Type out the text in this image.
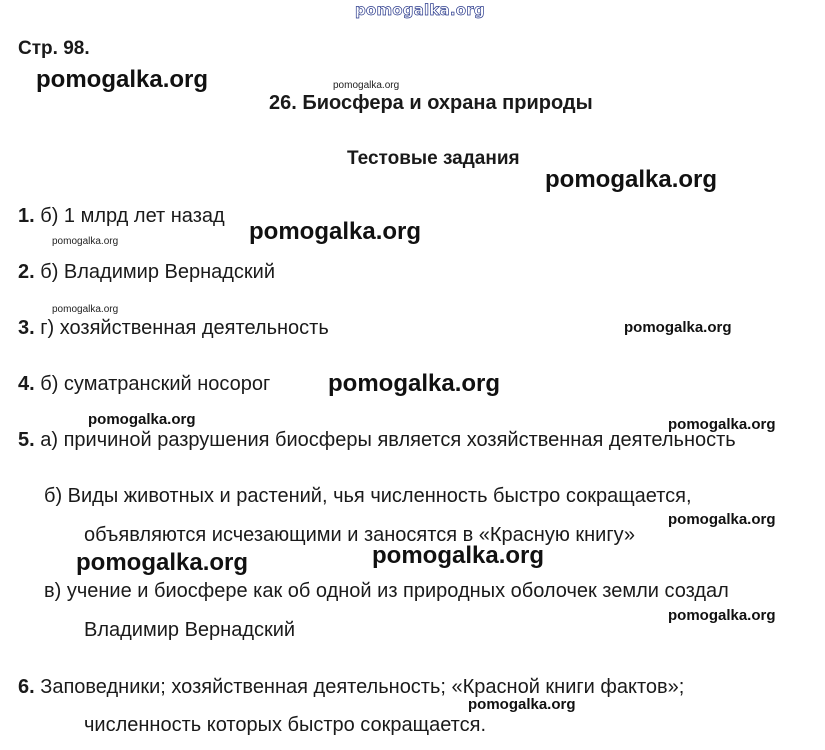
pomogalka.org
Стр. 98.
26. Биосфера и охрана природы
Тестовые задания
1. б) 1 млрд лет назад
2. б) Владимир Вернадский
3. г) хозяйственная деятельность
4. б) суматранский носорог
5. а) причиной разрушения биосферы является хозяйственная деятельность
б) Виды животных и растений, чья численность быстро сокращается,
объявляются исчезающими и заносятся в «Красную книгу»
в) учение и биосфере как об одной из природных оболочек земли создал
Владимир Вернадский
6. Заповедники; хозяйственная деятельность; «Красной книги фактов»;
численность которых быстро сокращается.
pomogalka.org	pomogalka.org
pomogalka.org
pomogalka.org
pomogalka.org
pomogalka.org
pomogalka.org
pomogalka.org
pomogalka.org	pomogalka.org
pomogalka.org
pomogalka.org
pomogalka.org
pomogalka.org
pomogalka.org
